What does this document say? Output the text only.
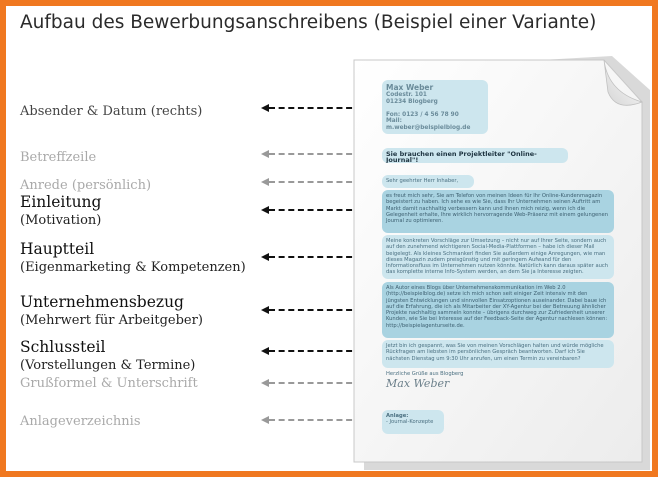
Aufbau des Bewerbungsanschreibens (Beispiel einer Variante)
Absender & Datum (rechts)
Betreffzeile
Anrede (persönlich)
Einleitung
(Motivation)
Hauptteil
(Eigenmarketing & Kompetenzen)
Unternehmensbezug
(Mehrwert für Arbeitgeber)
Schlussteil
(Vorstellungen & Termine)
Grußformel & Unterschrift
Anlageverzeichnis
Max Weber
Codestr. 101
01234 Blogberg
Fon: 0123 / 4 56 78 90
Mail: m.weber@beispielblog.de
Sie brauchen einen Projektleiter "Online-Journal"!
Sehr geehrter Herr Inhaber,
es freut mich sehr, Sie am Telefon von meinen Ideen für Ihr Online-Kundenmagazin begeistert zu haben. Ich sehe es wie Sie, dass Ihr Unternehmen seinen Auftritt am Markt damit nachhaltig verbessern kann und Ihnen mich reizig, wenn ich die Gelegenheit erhalte, Ihre wirklich hervorragende Web-Präsenz mit einem gelungenen Journal zu optimieren.
Meine konkreten Vorschläge zur Umsetzung – nicht nur auf Ihrer Seite, sondern auch auf den zunehmend wichtigeren Social-Media-Plattformen – habe ich dieser Mail beigelegt. Als kleines Schmankerl finden Sie außerdem einige Anregungen, wie man dieses Magazin zudem preisgünstig und mit geringem Aufwand für den Informationsfluss im Unternehmen nutzen könnte. Natürlich kann daraus später auch das komplette interne Info-System werden, an dem Sie ja Interesse zeigten.
Als Autor eines Blogs über Unternehmenskommunikation im Web 2.0 (http://beispielblog.de) setze ich mich schon seit einiger Zeit intensiv mit den jüngsten Entwicklungen und sinnvollen Einsatzoptionen auseinander. Dabei baue ich auf die Erfahrung, die ich als Mitarbeiter der XY-Agentur bei der Betreuung ähnlicher Projekte nachhaltig sammeln konnte – übrigens durchweg zur Zufriedenheit unserer Kunden, wie Sie bei Interesse auf der Feedback-Seite der Agentur nachlesen können: http://beispielagenturseite.de.
Jetzt bin ich gespannt, was Sie von meinen Vorschlägen halten und würde mögliche Rückfragen am liebsten im persönlichen Gespräch beantworten. Darf ich Sie nächsten Dienstag um 9:30 Uhr anrufen, um einen Termin zu vereinbaren?
Herzliche Grüße aus Blogberg
Max Weber
Anlage:
- Journal-Konzepte
